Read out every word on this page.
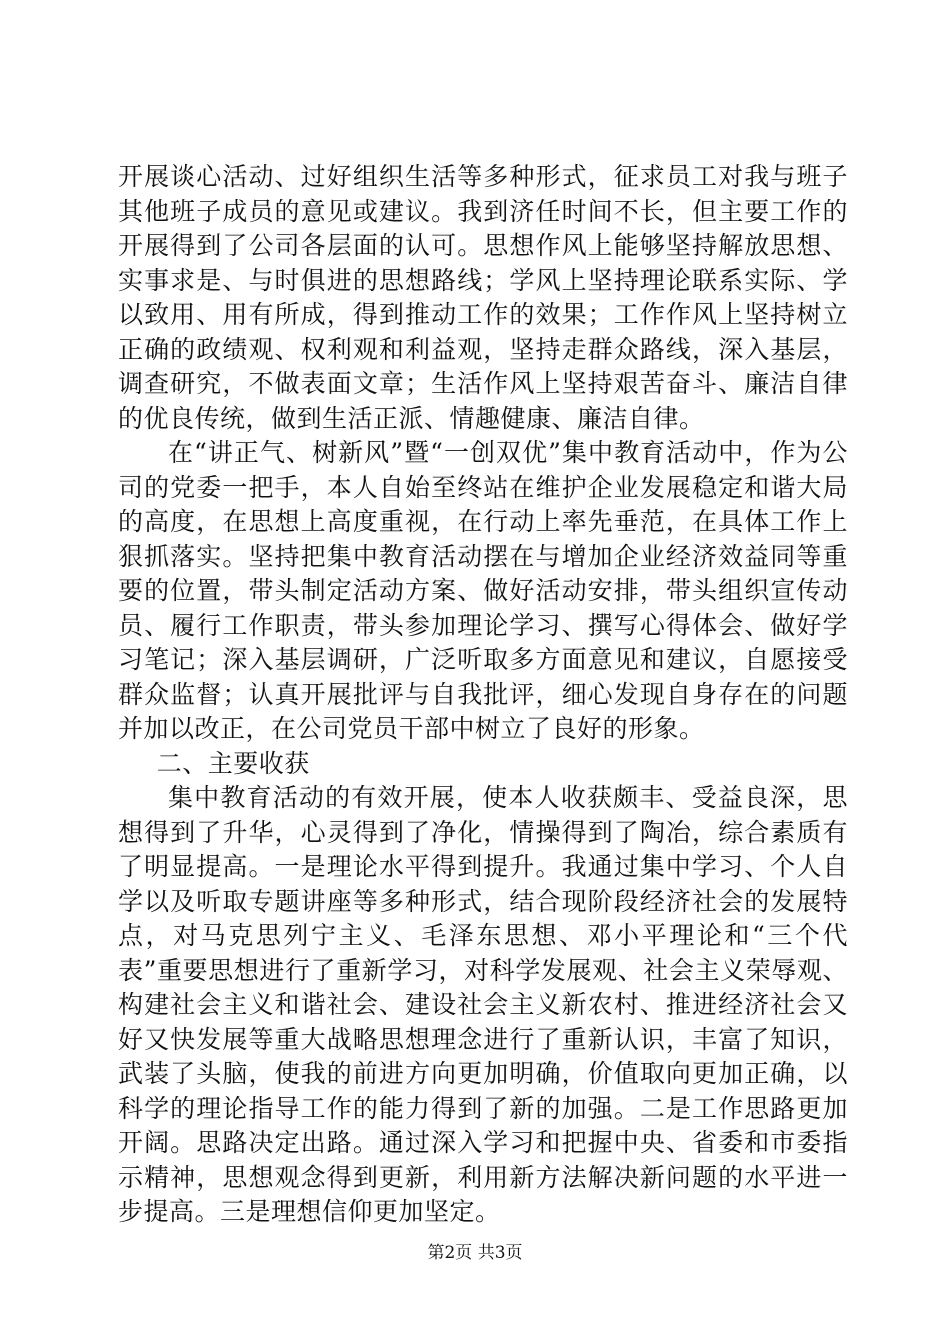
开展谈心活动、过好组织生活等多种形式，征求员工对我与班子其他班子成员的意见或建议。我到济任时间不长，但主要工作的开展得到了公司各层面的认可。思想作风上能够坚持解放思想、实事求是、与时俱进的思想路线；学风上坚持理论联系实际、学以致用、用有所成，得到推动工作的效果；工作作风上坚持树立正确的政绩观、权利观和利益观，坚持走群众路线，深入基层，调查研究，不做表面文章；生活作风上坚持艰苦奋斗、廉洁自律的优良传统，做到生活正派、情趣健康、廉洁自律。

在“讲正气、树新风”暨“一创双优”集中教育活动中，作为公司的党委一把手，本人自始至终站在维护企业发展稳定和谐大局的高度，在思想上高度重视，在行动上率先垂范，在具体工作上狠抓落实。坚持把集中教育活动摆在与增加企业经济效益同等重要的位置，带头制定活动方案、做好活动安排，带头组织宣传动员、履行工作职责，带头参加理论学习、撰写心得体会、做好学习笔记；深入基层调研，广泛听取多方面意见和建议，自愿接受群众监督；认真开展批评与自我批评，细心发现自身存在的问题并加以改正，在公司党员干部中树立了良好的形象。

二、主要收获

集中教育活动的有效开展，使本人收获颇丰、受益良深，思想得到了升华，心灵得到了净化，情操得到了陶冶，综合素质有了明显提高。一是理论水平得到提升。我通过集中学习、个人自学以及听取专题讲座等多种形式，结合现阶段经济社会的发展特点，对马克思列宁主义、毛泽东思想、邓小平理论和“三个代表”重要思想进行了重新学习，对科学发展观、社会主义荣辱观、构建社会主义和谐社会、建设社会主义新农村、推进经济社会又好又快发展等重大战略思想理念进行了重新认识，丰富了知识，武装了头脑，使我的前进方向更加明确，价值取向更加正确，以科学的理论指导工作的能力得到了新的加强。二是工作思路更加开阔。思路决定出路。通过深入学习和把握中央、省委和市委指示精神，思想观念得到更新，利用新方法解决新问题的水平进一步提高。三是理想信仰更加坚定。

第2页 共3页
